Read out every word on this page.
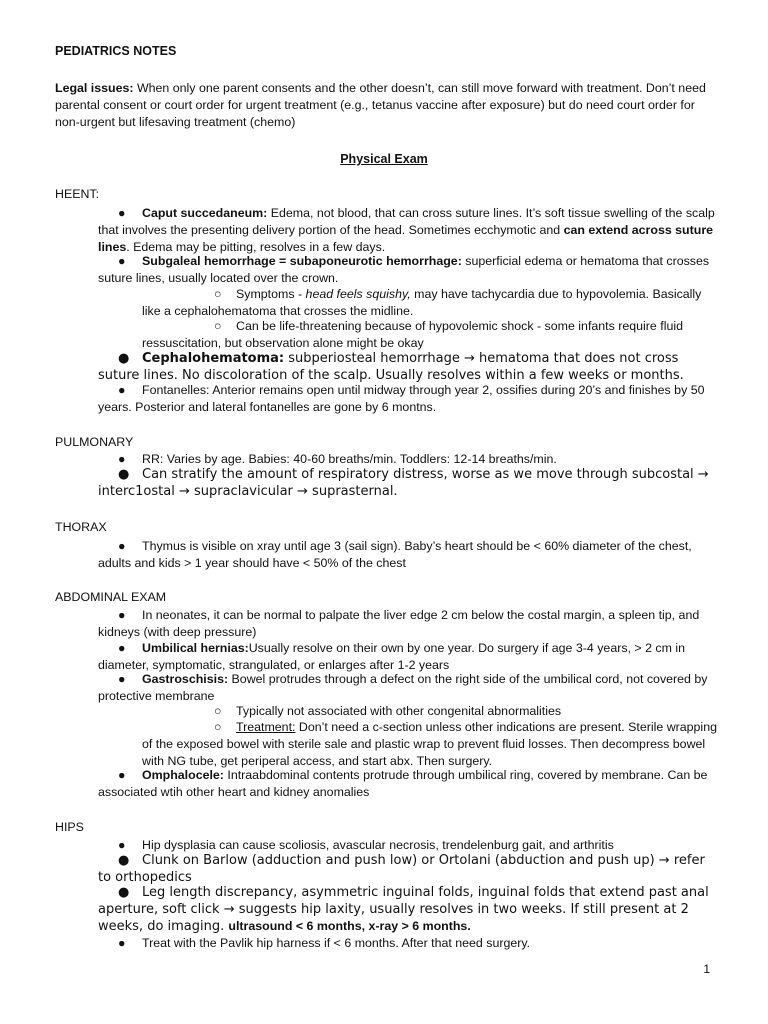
PEDIATRICS NOTES
Legal issues: When only one parent consents and the other doesn’t, can still move forward with treatment. Don’t need parental consent or court order for urgent treatment (e.g., tetanus vaccine after exposure) but do need court order for non-urgent but lifesaving treatment (chemo)
Physical Exam
HEENT:
● Caput succedaneum: Edema, not blood, that can cross suture lines. It’s soft tissue swelling of the scalp that involves the presenting delivery portion of the head. Sometimes ecchymotic and can extend across suture lines. Edema may be pitting, resolves in a few days.
● Subgaleal hemorrhage = subaponeurotic hemorrhage: superficial edema or hematoma that crosses suture lines, usually located over the crown.
○ Symptoms - head feels squishy, may have tachycardia due to hypovolemia. Basically like a cephalohematoma that crosses the midline.
○ Can be life-threatening because of hypovolemic shock - some infants require fluid ressuscitation, but observation alone might be okay
● Cephalohematoma: subperiosteal hemorrhage → hematoma that does not cross suture lines. No discoloration of the scalp. Usually resolves within a few weeks or months.
● Fontanelles: Anterior remains open until midway through year 2, ossifies during 20’s and finishes by 50 years. Posterior and lateral fontanelles are gone by 6 montns.
PULMONARY
● RR: Varies by age. Babies: 40-60 breaths/min. Toddlers: 12-14 breaths/min.
● Can stratify the amount of respiratory distress, worse as we move through subcostal → interc1ostal → supraclavicular → suprasternal.
THORAX
● Thymus is visible on xray until age 3 (sail sign). Baby’s heart should be < 60% diameter of the chest, adults and kids > 1 year should have < 50% of the chest
ABDOMINAL EXAM
● In neonates, it can be normal to palpate the liver edge 2 cm below the costal margin, a spleen tip, and kidneys (with deep pressure)
● Umbilical hernias:Usually resolve on their own by one year. Do surgery if age 3-4 years, > 2 cm in diameter, symptomatic, strangulated, or enlarges after 1-2 years
● Gastroschisis: Bowel protrudes through a defect on the right side of the umbilical cord, not covered by protective membrane
○ Typically not associated with other congenital abnormalities
○ Treatment: Don’t need a c-section unless other indications are present. Sterile wrapping of the exposed bowel with sterile sale and plastic wrap to prevent fluid losses. Then decompress bowel with NG tube, get periperal access, and start abx. Then surgery.
● Omphalocele: Intraabdominal contents protrude through umbilical ring, covered by membrane. Can be associated wtih other heart and kidney anomalies
HIPS
● Hip dysplasia can cause scoliosis, avascular necrosis, trendelenburg gait, and arthritis
● Clunk on Barlow (adduction and push low) or Ortolani (abduction and push up) → refer to orthopedics
● Leg length discrepancy, asymmetric inguinal folds, inguinal folds that extend past anal aperture, soft click → suggests hip laxity, usually resolves in two weeks. If still present at 2 weeks, do imaging. ultrasound < 6 months, x-ray > 6 months.
● Treat with the Pavlik hip harness if < 6 months. After that need surgery.
1
